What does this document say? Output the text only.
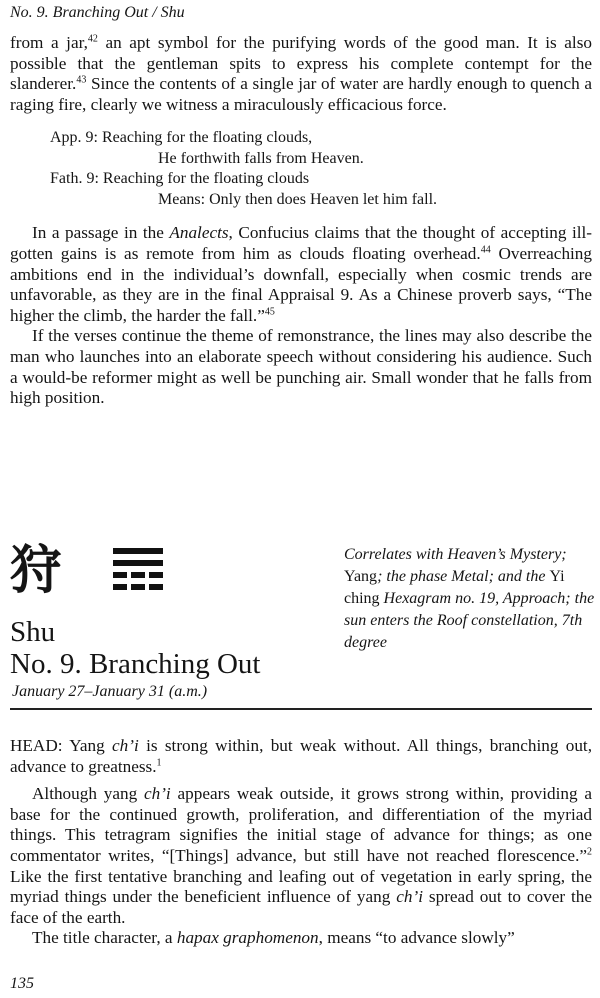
No. 9. Branching Out / Shu

from a jar,$^{42}$ an apt symbol for the purifying words of the good man. It is also possible that the gentleman spits to express his complete contempt for the slanderer.$^{43}$ Since the contents of a single jar of water are hardly enough to quench a raging fire, clearly we witness a miraculously efficacious force.

App. 9: Reaching for the floating clouds,
He forthwith falls from Heaven.
Fath. 9: Reaching for the floating clouds
Means: Only then does Heaven let him fall.

In a passage in the Analects, Confucius claims that the thought of accepting ill-gotten gains is as remote from him as clouds floating overhead.$^{44}$ Overreaching ambitions end in the individual’s downfall, especially when cosmic trends are unfavorable, as they are in the final Appraisal 9. As a Chinese proverb says, “The higher the climb, the harder the fall.”$^{45}$

If the verses continue the theme of remonstrance, the lines may also describe the man who launches into an elaborate speech without considering his audience. Such a would-be reformer might as well be punching air. Small wonder that he falls from high position.

狩	Correlates with Heaven’s Mystery; Yang; the phase Metal; and the Yi ching Hexagram no. 19, Approach; the sun enters the Roof constellation, 7th degree
Shu
No. 9. Branching Out
January 27–January 31 (a.m.)

HEAD: Yang ch’i is strong within, but weak without. All things, branching out, advance to greatness.$^1$

Although yang ch’i appears weak outside, it grows strong within, providing a base for the continued growth, proliferation, and differentiation of the myriad things. This tetragram signifies the initial stage of advance for things; as one commentator writes, “[Things] advance, but still have not reached florescence.”$^2$ Like the first tentative branching and leafing out of vegetation in early spring, the myriad things under the beneficient influence of yang ch’i spread out to cover the face of the earth.

The title character, a hapax graphomenon, means “to advance slowly”

135
